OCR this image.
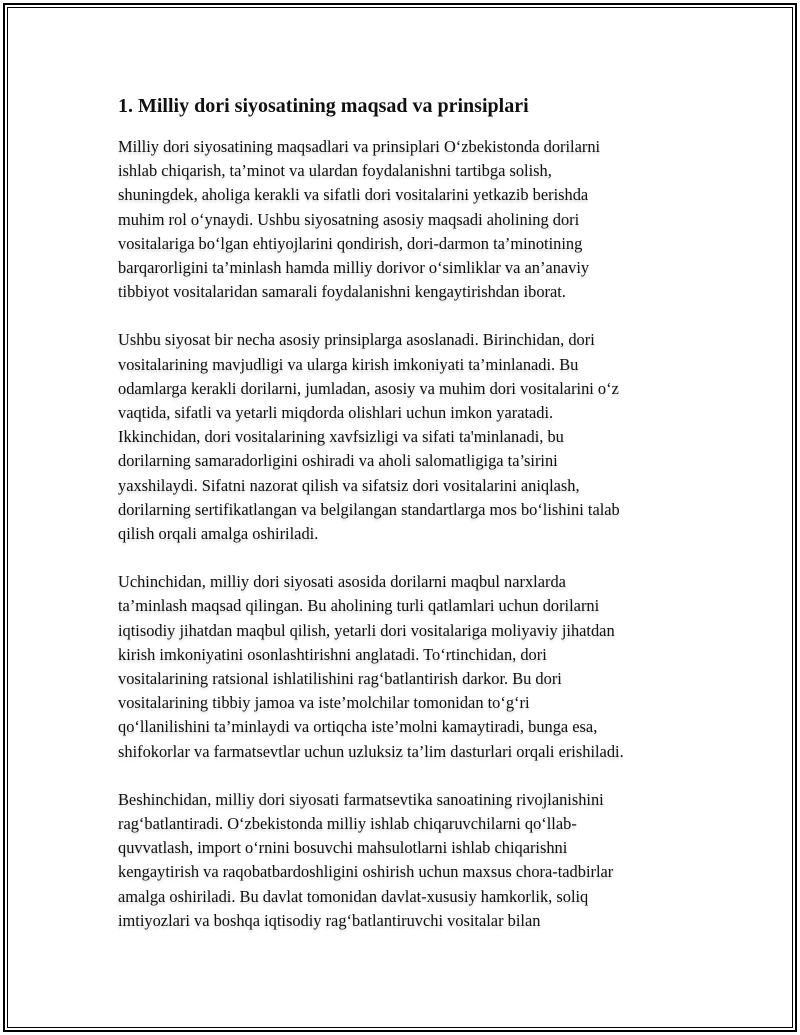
1. Milliy dori siyosatining maqsad va prinsiplari
Milliy dori siyosatining maqsadlari va prinsiplari O‘zbekistonda dorilarni
ishlab chiqarish, ta’minot va ulardan foydalanishni tartibga solish,
shuningdek, aholiga kerakli va sifatli dori vositalarini yetkazib berishda
muhim rol o‘ynaydi. Ushbu siyosatning asosiy maqsadi aholining dori
vositalariga bo‘lgan ehtiyojlarini qondirish, dori-darmon ta’minotining
barqarorligini ta’minlash hamda milliy dorivor o‘simliklar va an’anaviy
tibbiyot vositalaridan samarali foydalanishni kengaytirishdan iborat.
Ushbu siyosat bir necha asosiy prinsiplarga asoslanadi. Birinchidan, dori
vositalarining mavjudligi va ularga kirish imkoniyati ta’minlanadi. Bu
odamlarga kerakli dorilarni, jumladan, asosiy va muhim dori vositalarini o‘z
vaqtida, sifatli va yetarli miqdorda olishlari uchun imkon yaratadi.
Ikkinchidan, dori vositalarining xavfsizligi va sifati ta'minlanadi, bu
dorilarning samaradorligini oshiradi va aholi salomatligiga ta’sirini
yaxshilaydi. Sifatni nazorat qilish va sifatsiz dori vositalarini aniqlash,
dorilarning sertifikatlangan va belgilangan standartlarga mos bo‘lishini talab
qilish orqali amalga oshiriladi.
Uchinchidan, milliy dori siyosati asosida dorilarni maqbul narxlarda
ta’minlash maqsad qilingan. Bu aholining turli qatlamlari uchun dorilarni
iqtisodiy jihatdan maqbul qilish, yetarli dori vositalariga moliyaviy jihatdan
kirish imkoniyatini osonlashtirishni anglatadi. To‘rtinchidan, dori
vositalarining ratsional ishlatilishini rag‘batlantirish darkor. Bu dori
vositalarining tibbiy jamoa va iste’molchilar tomonidan to‘g‘ri
qo‘llanilishini ta’minlaydi va ortiqcha iste’molni kamaytiradi, bunga esa,
shifokorlar va farmatsevtlar uchun uzluksiz ta’lim dasturlari orqali erishiladi.
Beshinchidan, milliy dori siyosati farmatsevtika sanoatining rivojlanishini
rag‘batlantiradi. O‘zbekistonda milliy ishlab chiqaruvchilarni qo‘llab-
quvvatlash, import o‘rnini bosuvchi mahsulotlarni ishlab chiqarishni
kengaytirish va raqobatbardoshligini oshirish uchun maxsus chora-tadbirlar
amalga oshiriladi. Bu davlat tomonidan davlat-xususiy hamkorlik, soliq
imtiyozlari va boshqa iqtisodiy rag‘batlantiruvchi vositalar bilan
